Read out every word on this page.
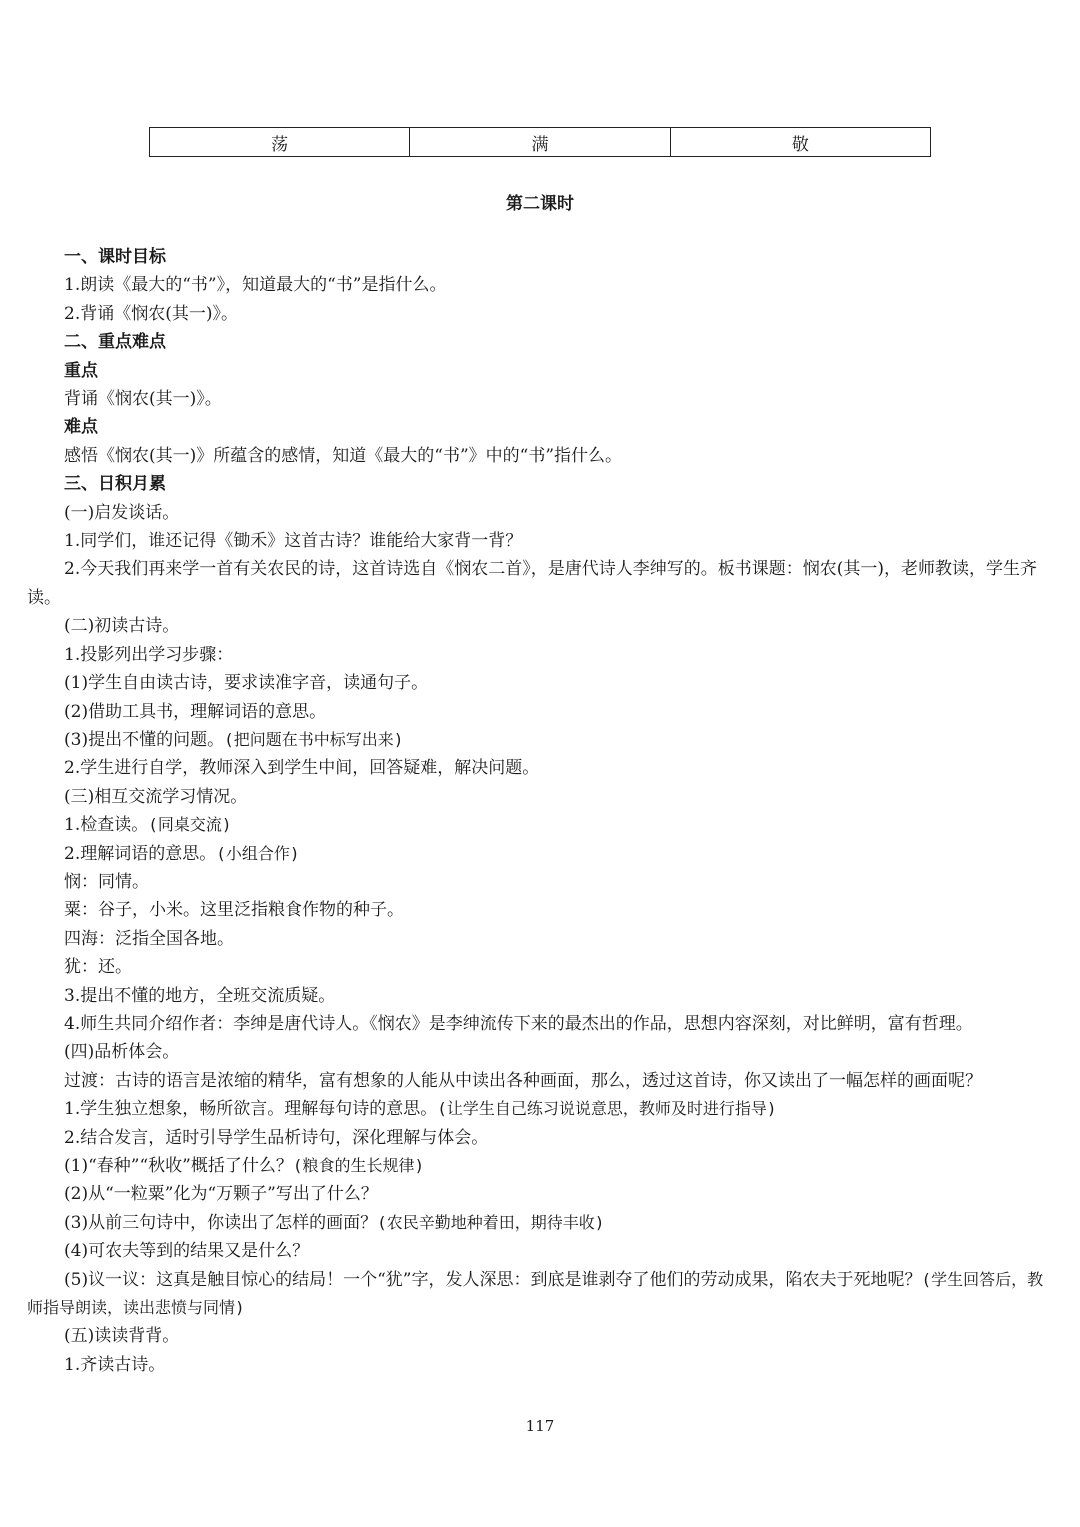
荡	满	敬
第二课时

一、课时目标

1.朗读《最大的“书”》，知道最大的“书”是指什么。

2.背诵《悯农(其一)》。

二、重点难点

重点

背诵《悯农(其一)》。

难点

感悟《悯农(其一)》所蕴含的感情，知道《最大的“书”》中的“书”指什么。

三、日积月累

(一)启发谈话。

1.同学们，谁还记得《锄禾》这首古诗？谁能给大家背一背？

2.今天我们再来学一首有关农民的诗，这首诗选自《悯农二首》，是唐代诗人李绅写的。板书课题：悯农(其一)，老师教读，学生齐读。

(二)初读古诗。

1.投影列出学习步骤：

(1)学生自由读古诗，要求读准字音，读通句子。

(2)借助工具书，理解词语的意思。

(3)提出不懂的问题。(把问题在书中标写出来)

2.学生进行自学，教师深入到学生中间，回答疑难，解决问题。

(三)相互交流学习情况。

1.检查读。(同桌交流)

2.理解词语的意思。(小组合作)

悯：同情。

粟：谷子，小米。这里泛指粮食作物的种子。

四海：泛指全国各地。

犹：还。

3.提出不懂的地方，全班交流质疑。

4.师生共同介绍作者：李绅是唐代诗人。《悯农》是李绅流传下来的最杰出的作品，思想内容深刻，对比鲜明，富有哲理。

(四)品析体会。

过渡：古诗的语言是浓缩的精华，富有想象的人能从中读出各种画面，那么，透过这首诗，你又读出了一幅怎样的画面呢？

1.学生独立想象，畅所欲言。理解每句诗的意思。(让学生自己练习说说意思，教师及时进行指导)

2.结合发言，适时引导学生品析诗句，深化理解与体会。

(1)“春种”“秋收”概括了什么？(粮食的生长规律)

(2)从“一粒粟”化为“万颗子”写出了什么？

(3)从前三句诗中，你读出了怎样的画面？(农民辛勤地种着田，期待丰收)

(4)可农夫等到的结果又是什么？

(5)议一议：这真是触目惊心的结局！一个“犹”字，发人深思：到底是谁剥夺了他们的劳动成果，陷农夫于死地呢？(学生回答后，教师指导朗读，读出悲愤与同情)

(五)读读背背。

1.齐读古诗。

117
